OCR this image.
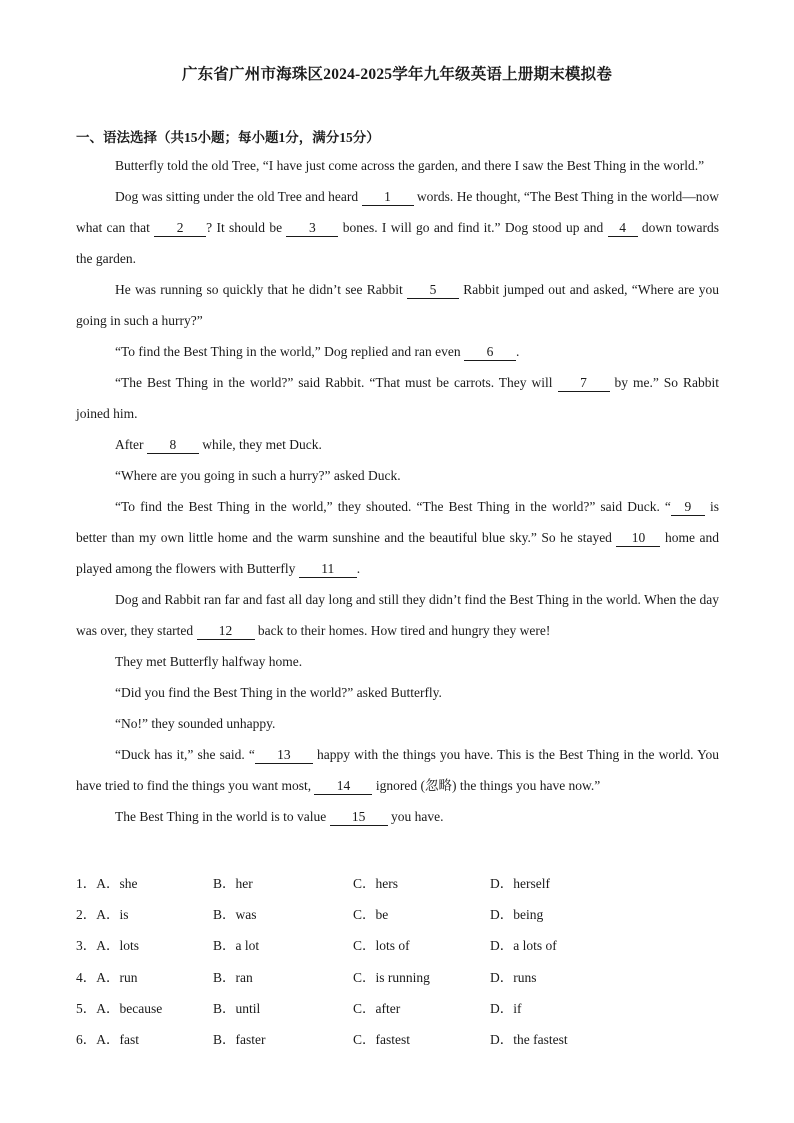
广东省广州市海珠区2024-2025学年九年级英语上册期末模拟卷
一、语法选择（共15小题；每小题1分，满分15分）

Butterfly told the old Tree, “I have just come across the garden, and there I saw the Best Thing in the world.”

Dog was sitting under the old Tree and heard 1 words. He thought, “The Best Thing in the world—now what can that 2 ? It should be 3 bones. I will go and find it.” Dog stood up and 4 down towards the garden.

He was running so quickly that he didn’t see Rabbit 5 Rabbit jumped out and asked, “Where are you going in such a hurry?”

“To find the Best Thing in the world,” Dog replied and ran even 6 .

“The Best Thing in the world?” said Rabbit. “That must be carrots. They will 7 by me.” So Rabbit joined him.

After 8 while, they met Duck.

“Where are you going in such a hurry?” asked Duck.

“To find the Best Thing in the world,” they shouted. “The Best Thing in the world?” said Duck. “ 9 is better than my own little home and the warm sunshine and the beautiful blue sky.” So he stayed 10 home and played among the flowers with Butterfly 11 .

Dog and Rabbit ran far and fast all day long and still they didn’t find the Best Thing in the world. When the day was over, they started 12 back to their homes. How tired and hungry they were!

They met Butterfly halfway home.

“Did you find the Best Thing in the world?” asked Butterfly.

“No!” they sounded unhappy.

“Duck has it,” she said. “ 13 happy with the things you have. This is the Best Thing in the world. You have tried to find the things you want most, 14 ignored (忽略) the things you have now.”

The Best Thing in the world is to value 15 you have.

1．A．she	B．her	C．hers	D．herself
2．A．is	B．was	C．be	D．being
3．A．lots	B．a lot	C．lots of	D．a lots of
4．A．run	B．ran	C．is running	D．runs
5．A．because	B．until	C．after	D．if
6．A．fast	B．faster	C．fastest	D．the fastest
